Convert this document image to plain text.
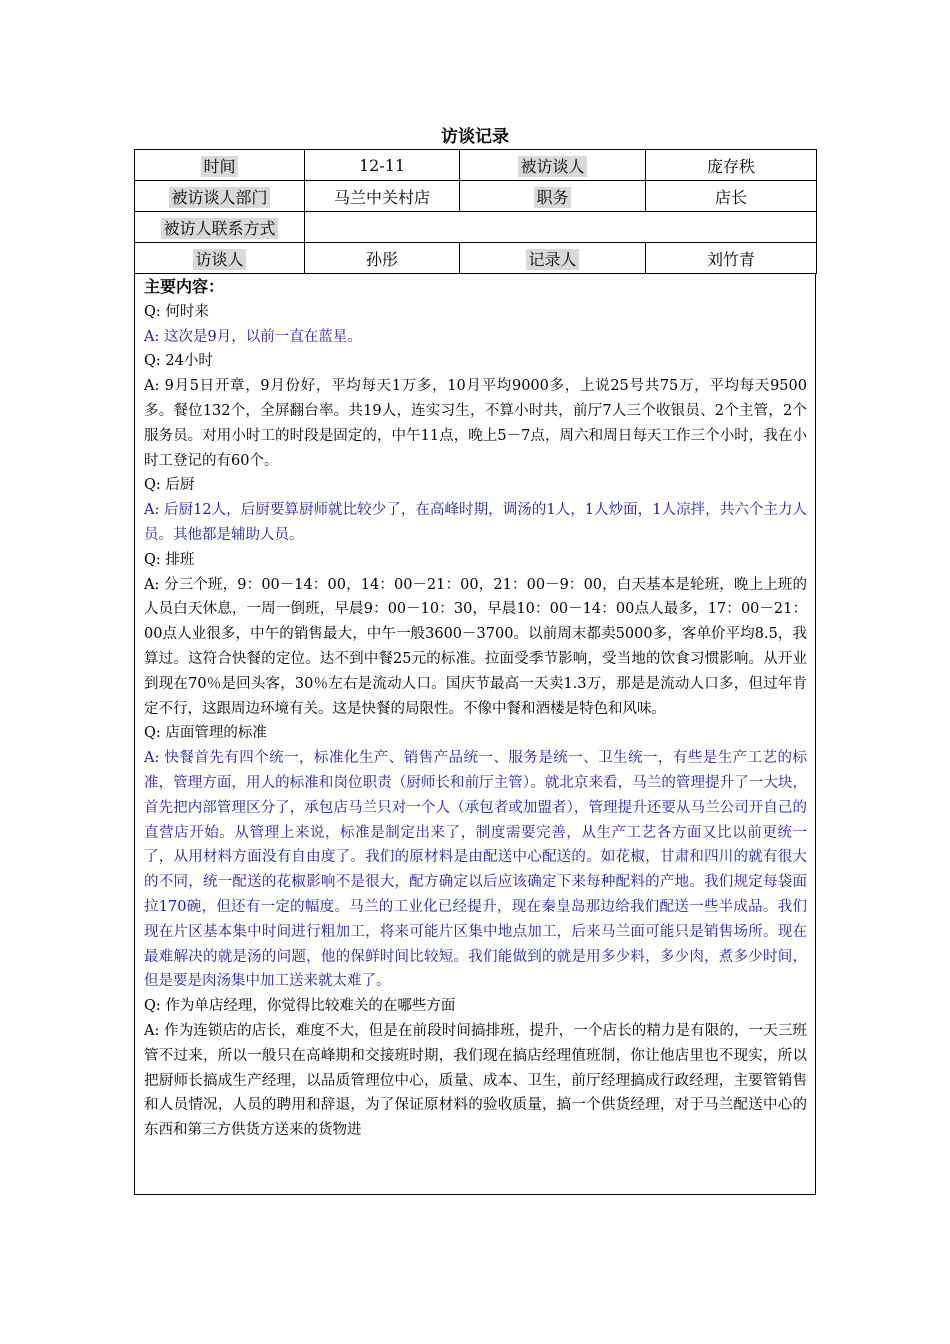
访谈记录
时间	12-11	被访谈人	庞存秩
被访谈人部门	马兰中关村店	职务	店长
被访人联系方式			
访谈人	孙彤	记录人	刘竹青

主要内容：

Q: 何时来

A: 这次是9月，以前一直在蓝星。

Q: 24小时

A: 9月5日开章，9月份好，平均每天1万多，10月平均9000多，上说25号共75万，平均每天9500多。餐位132个，全屏翻台率。共19人，连实习生，不算小时共，前厅7人三个收银员、2个主管，2个服务员。对用小时工的时段是固定的，中午11点，晚上5－7点，周六和周日每天工作三个小时，我在小时工登记的有60个。

Q: 后厨

A: 后厨12人，后厨要算厨师就比较少了，在高峰时期，调汤的1人，1人炒面，1人凉拌，共六个主力人员。其他都是辅助人员。

Q: 排班

A: 分三个班，9：00－14：00，14：00－21：00，21：00－9：00，白天基本是轮班，晚上上班的人员白天休息，一周一倒班，早晨9：00－10：30，早晨10：00－14：00点人最多，17：00－21：00点人业很多，中午的销售最大，中午一般3600－3700。以前周末都卖5000多，客单价平均8.5，我算过。这符合快餐的定位。达不到中餐25元的标准。拉面受季节影响，受当地的饮食习惯影响。从开业到现在70％是回头客，30％左右是流动人口。国庆节最高一天卖1.3万，那是是流动人口多，但过年肯定不行，这跟周边环境有关。这是快餐的局限性。不像中餐和酒楼是特色和风味。

Q: 店面管理的标准

A: 快餐首先有四个统一，标准化生产、销售产品统一、服务是统一、卫生统一，有些是生产工艺的标准，管理方面，用人的标准和岗位职责（厨师长和前厅主管）。就北京来看，马兰的管理提升了一大块，首先把内部管理区分了，承包店马兰只对一个人（承包者或加盟者），管理提升还要从马兰公司开自己的直营店开始。从管理上来说，标准是制定出来了，制度需要完善，从生产工艺各方面又比以前更统一了，从用材料方面没有自由度了。我们的原材料是由配送中心配送的。如花椒，甘肃和四川的就有很大的不同，统一配送的花椒影响不是很大，配方确定以后应该确定下来每种配料的产地。我们规定每袋面拉170碗，但还有一定的幅度。马兰的工业化已经提升，现在秦皇岛那边给我们配送一些半成品。我们现在片区基本集中时间进行粗加工，将来可能片区集中地点加工，后来马兰面可能只是销售场所。现在最难解决的就是汤的问题，他的保鲜时间比较短。我们能做到的就是用多少料，多少肉，煮多少时间，但是要是肉汤集中加工送来就太难了。

Q: 作为单店经理，你觉得比较难关的在哪些方面

A: 作为连锁店的店长，难度不大，但是在前段时间搞排班，提升，一个店长的精力是有限的，一天三班管不过来，所以一般只在高峰期和交接班时期，我们现在搞店经理值班制，你让他店里也不现实，所以把厨师长搞成生产经理，以品质管理位中心，质量、成本、卫生，前厅经理搞成行政经理，主要管销售和人员情况，人员的聘用和辞退，为了保证原材料的验收质量，搞一个供货经理，对于马兰配送中心的东西和第三方供货方送来的货物进
